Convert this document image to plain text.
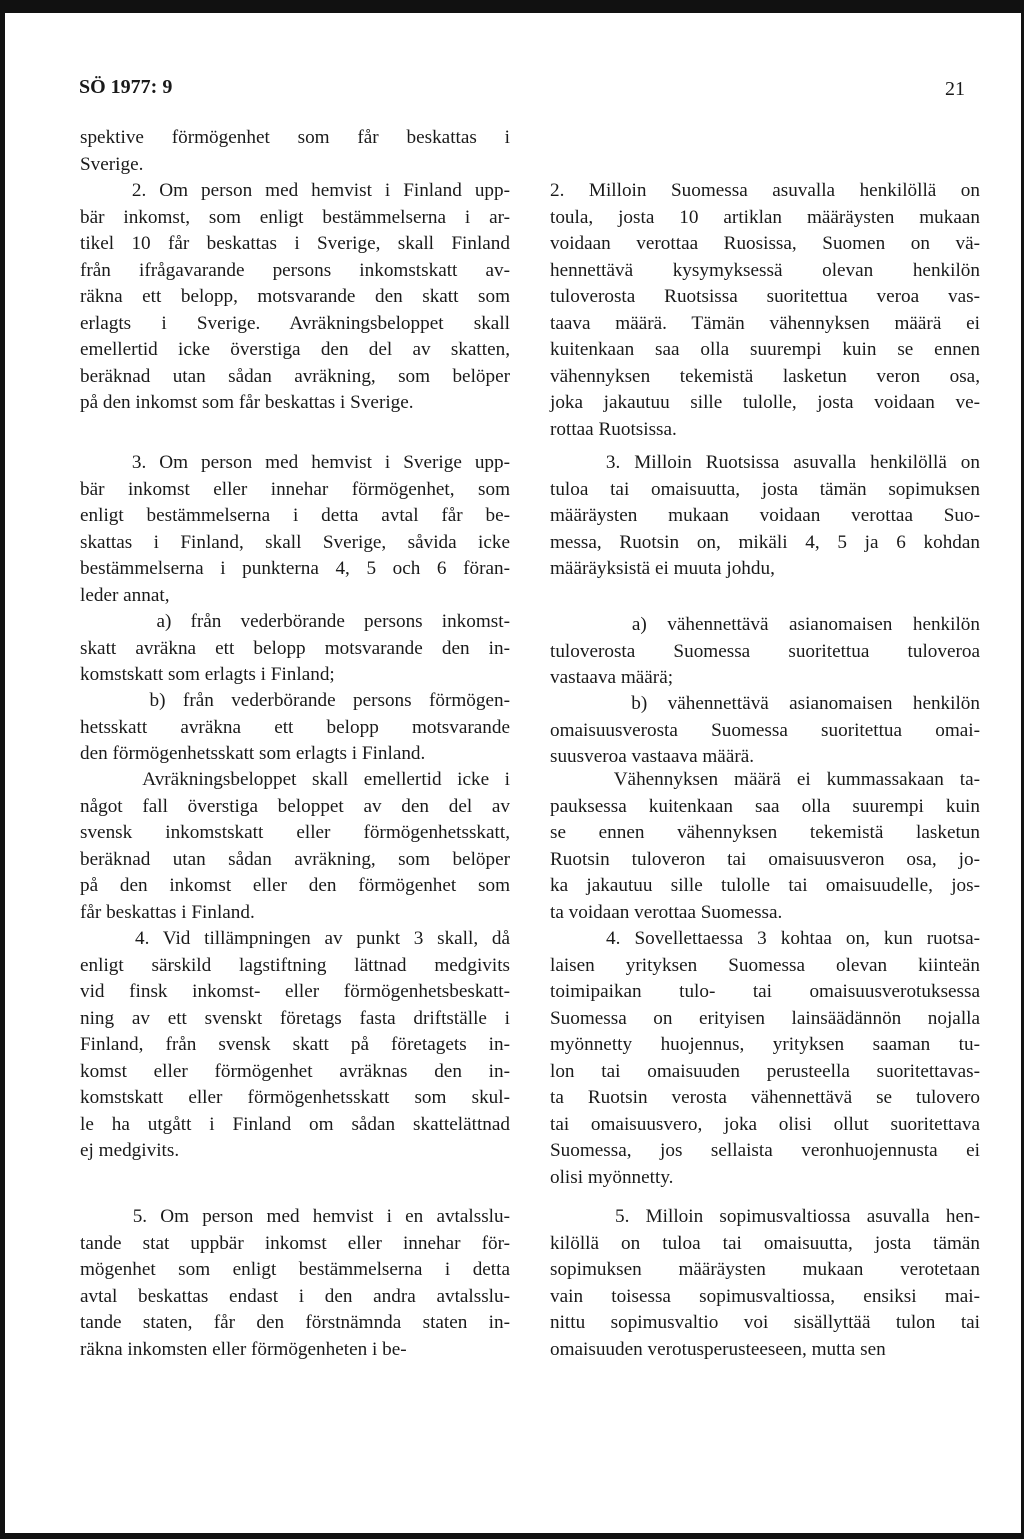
SÖ 1977: 9	21

spektive förmögenhet som får beskattas i

Sverige.

2. Om person med hemvist i Finland upp-

bär inkomst, som enligt bestämmelserna i ar-

tikel 10 får beskattas i Sverige, skall Finland

från ifrågavarande persons inkomstskatt av-

räkna ett belopp, motsvarande den skatt som

erlagts i Sverige. Avräkningsbeloppet skall

emellertid icke överstiga den del av skatten,

beräknad utan sådan avräkning, som belöper

på den inkomst som får beskattas i Sverige.

3. Om person med hemvist i Sverige upp-

bär inkomst eller innehar förmögenhet, som

enligt bestämmelserna i detta avtal får be-

skattas i Finland, skall Sverige, såvida icke

bestämmelserna i punkterna 4, 5 och 6 föran-

leder annat,

a) från vederbörande persons inkomst-

skatt avräkna ett belopp motsvarande den in-

komstskatt som erlagts i Finland;

b) från vederbörande persons förmögen-

hetsskatt avräkna ett belopp motsvarande

den förmögenhetsskatt som erlagts i Finland.

Avräkningsbeloppet skall emellertid icke i

något fall överstiga beloppet av den del av

svensk inkomstskatt eller förmögenhetsskatt,

beräknad utan sådan avräkning, som belöper

på den inkomst eller den förmögenhet som

får beskattas i Finland.

4. Vid tillämpningen av punkt 3 skall, då

enligt särskild lagstiftning lättnad medgivits

vid finsk inkomst- eller förmögenhetsbeskatt-

ning av ett svenskt företags fasta driftställe i

Finland, från svensk skatt på företagets in-

komst eller förmögenhet avräknas den in-

komstskatt eller förmögenhetsskatt som skul-

le ha utgått i Finland om sådan skattelättnad

ej medgivits.

5. Om person med hemvist i en avtalsslu-

tande stat uppbär inkomst eller innehar för-

mögenhet som enligt bestämmelserna i detta

avtal beskattas endast i den andra avtalsslu-

tande staten, får den förstnämnda staten in-

räkna inkomsten eller förmögenheten i be-

2. Milloin Suomessa asuvalla henkilöllä on

toula, josta 10 artiklan määräysten mukaan

voidaan verottaa Ruosissa, Suomen on vä-

hennettävä kysymyksessä olevan henkilön

tuloverosta Ruotsissa suoritettua veroa vas-

taava määrä. Tämän vähennyksen määrä ei

kuitenkaan saa olla suurempi kuin se ennen

vähennyksen tekemistä lasketun veron osa,

joka jakautuu sille tulolle, josta voidaan ve-

rottaa Ruotsissa.

3. Milloin Ruotsissa asuvalla henkilöllä on

tuloa tai omaisuutta, josta tämän sopimuksen

määräysten mukaan voidaan verottaa Suo-

messa, Ruotsin on, mikäli 4, 5 ja 6 kohdan

määräyksistä ei muuta johdu,

a) vähennettävä asianomaisen henkilön

tuloverosta Suomessa suoritettua tuloveroa

vastaava määrä;

b) vähennettävä asianomaisen henkilön

omaisuusverosta Suomessa suoritettua omai-

suusveroa vastaava määrä.

Vähennyksen määrä ei kummassakaan ta-

pauksessa kuitenkaan saa olla suurempi kuin

se ennen vähennyksen tekemistä lasketun

Ruotsin tuloveron tai omaisuusveron osa, jo-

ka jakautuu sille tulolle tai omaisuudelle, jos-

ta voidaan verottaa Suomessa.

4. Sovellettaessa 3 kohtaa on, kun ruotsa-

laisen yrityksen Suomessa olevan kiinteän

toimipaikan tulo- tai omaisuusverotuksessa

Suomessa on erityisen lainsäädännön nojalla

myönnetty huojennus, yrityksen saaman tu-

lon tai omaisuuden perusteella suoritettavas-

ta Ruotsin verosta vähennettävä se tulovero

tai omaisuusvero, joka olisi ollut suoritettava

Suomessa, jos sellaista veronhuojennusta ei

olisi myönnetty.

5. Milloin sopimusvaltiossa asuvalla hen-

kilöllä on tuloa tai omaisuutta, josta tämän

sopimuksen määräysten mukaan verotetaan

vain toisessa sopimusvaltiossa, ensiksi mai-

nittu sopimusvaltio voi sisällyttää tulon tai

omaisuuden verotusperusteeseen, mutta sen
